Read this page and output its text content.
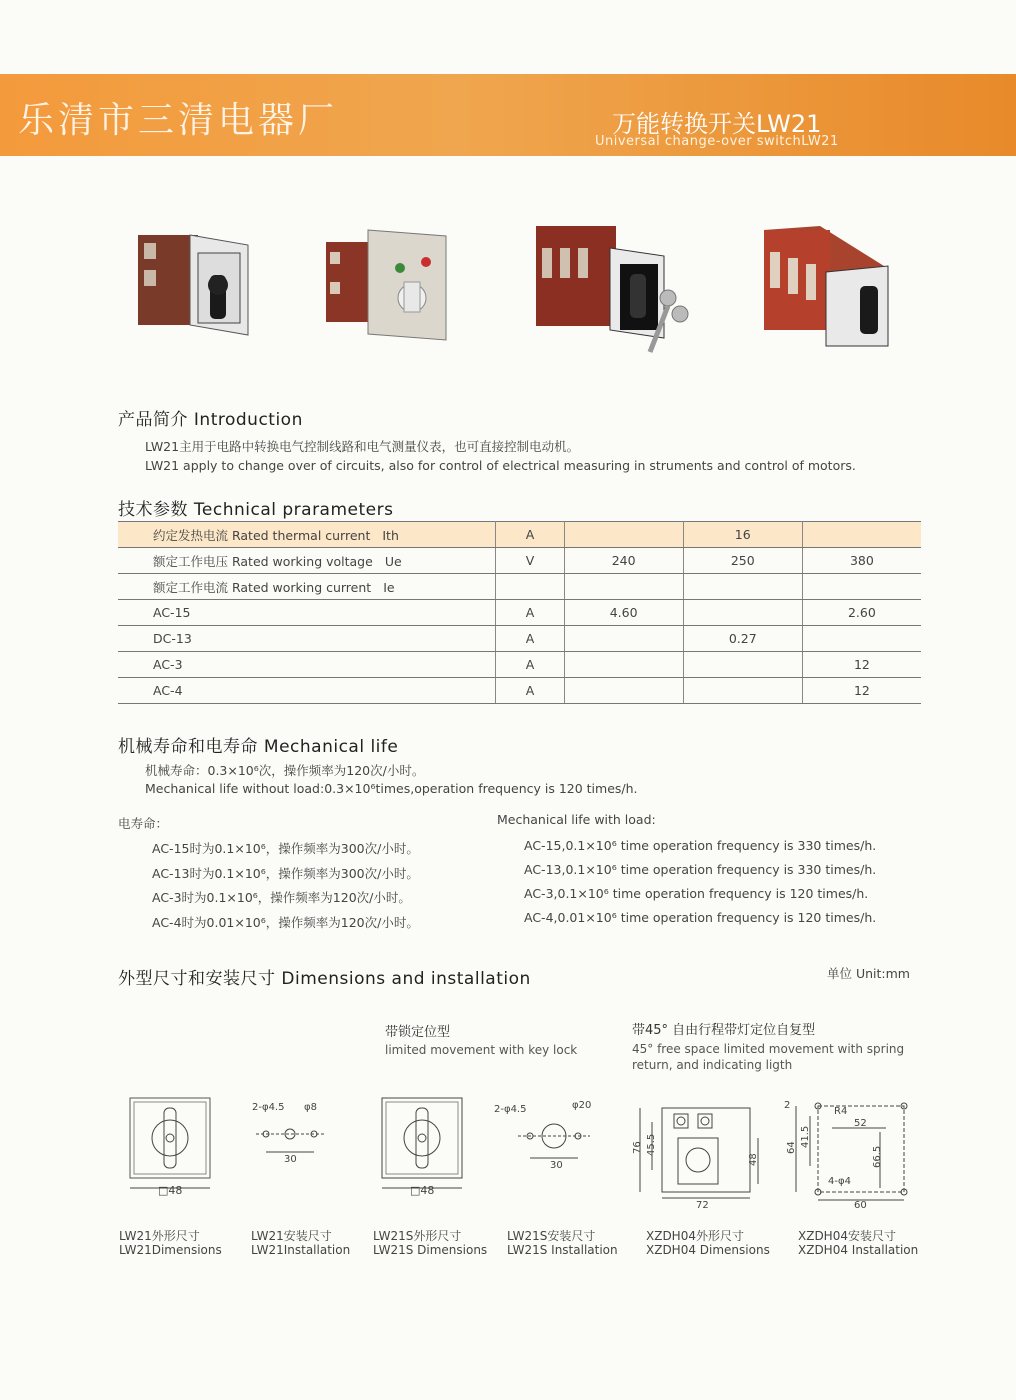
乐清市三清电器厂	万能转换开关LW21
Universal change-over switchLW21
产品简介 Introduction
LW21主用于电路中转换电气控制线路和电气测量仪表，也可直接控制电动机。
LW21 apply to change over of circuits, also for control of electrical measuring in struments and control of motors.
技术参数 Technical prarameters
约定发热电流 Rated thermal current Ith	A		16	
额定工作电压 Rated working voltage Ue	V	240	250	380
额定工作电流 Rated working current Ie				
AC-15	A	4.60		2.60
DC-13	A		0.27	
AC-3	A			12
AC-4	A			12
机械寿命和电寿命 Mechanical life
机械寿命：0.3×10⁶次，操作频率为120次/小时。
Mechanical life without load:0.3×10⁶times,operation frequency is 120 times/h.
电寿命：	Mechanical life with load:
AC-15时为0.1×10⁶，操作频率为300次/小时。
AC-13时为0.1×10⁶，操作频率为300次/小时。
AC-3时为0.1×10⁶，操作频率为120次/小时。
AC-4时为0.01×10⁶，操作频率为120次/小时。
AC-15,0.1×10⁶ time operation frequency is 330 times/h.
AC-13,0.1×10⁶ time operation frequency is 330 times/h.
AC-3,0.1×10⁶ time operation frequency is 120 times/h.
AC-4,0.01×10⁶ time operation frequency is 120 times/h.
外型尺寸和安装尺寸 Dimensions and installation	单位 Unit:mm
带锁定位型
limited movement with key lock
带45° 自由行程带灯定位自复型
45° free space limited movement with spring
return, and indicating ligth
□48
2-φ4.5 φ8
30
□48
2-φ4.5	φ20
30
76 45.5
48
72
2
R4
52
64 41.5
66.5
4-φ4
60
LW21外形尺寸
LW21Dimensions
LW21安装尺寸
LW21Installation
LW21S外形尺寸
LW21S Dimensions
LW21S安装尺寸
LW21S Installation
XZDH04外形尺寸
XZDH04 Dimensions
XZDH04安装尺寸
XZDH04 Installation
